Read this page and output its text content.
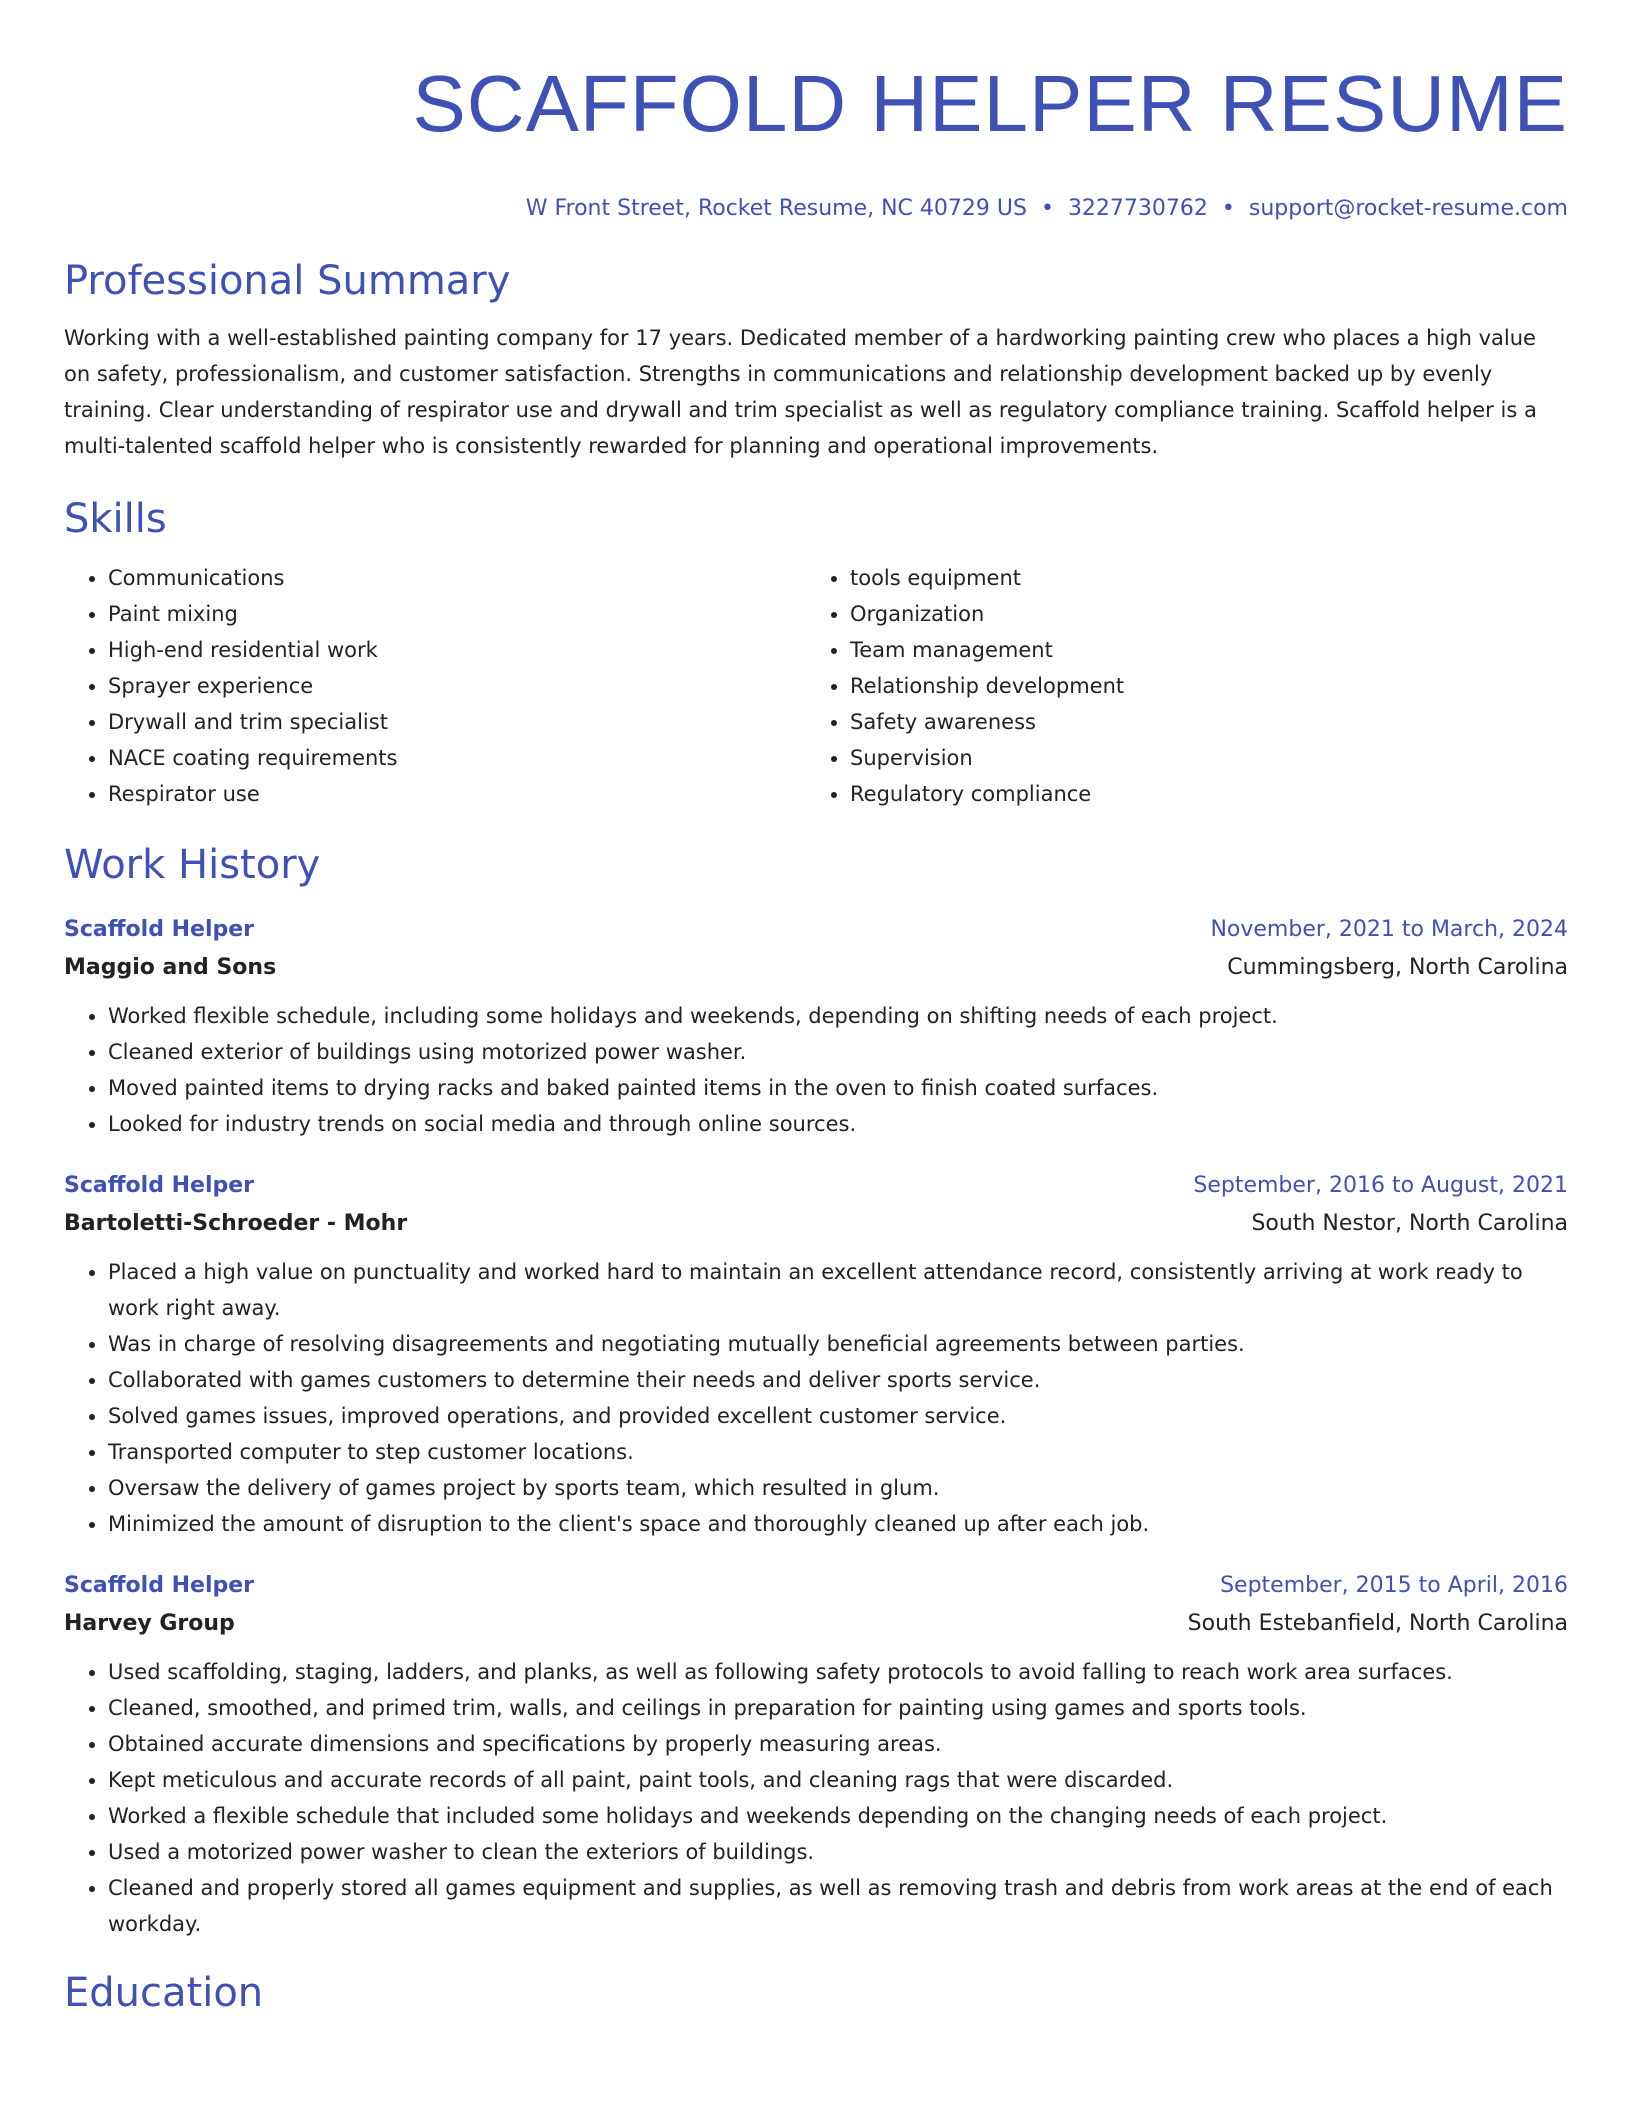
SCAFFOLD HELPER RESUME
W Front Street, Rocket Resume, NC 40729 US • 3227730762 • support@rocket-resume.com
Professional Summary
Working with a well-established painting company for 17 years. Dedicated member of a hardworking painting crew who places a high value on safety, professionalism, and customer satisfaction. Strengths in communications and relationship development backed up by evenly training. Clear understanding of respirator use and drywall and trim specialist as well as regulatory compliance training. Scaffold helper is a multi-talented scaffold helper who is consistently rewarded for planning and operational improvements.
Skills
• Communications
• Paint mixing
• High-end residential work
• Sprayer experience
• Drywall and trim specialist
• NACE coating requirements
• Respirator use
• tools equipment
• Organization
• Team management
• Relationship development
• Safety awareness
• Supervision
• Regulatory compliance
Work History
Scaffold Helper	November, 2021 to March, 2024
Maggio and Sons	Cummingsberg, North Carolina
• Worked flexible schedule, including some holidays and weekends, depending on shifting needs of each project.
• Cleaned exterior of buildings using motorized power washer.
• Moved painted items to drying racks and baked painted items in the oven to finish coated surfaces.
• Looked for industry trends on social media and through online sources.
Scaffold Helper	September, 2016 to August, 2021
Bartoletti-Schroeder - Mohr	South Nestor, North Carolina
• Placed a high value on punctuality and worked hard to maintain an excellent attendance record, consistently arriving at work ready to work right away.
• Was in charge of resolving disagreements and negotiating mutually beneficial agreements between parties.
• Collaborated with games customers to determine their needs and deliver sports service.
• Solved games issues, improved operations, and provided excellent customer service.
• Transported computer to step customer locations.
• Oversaw the delivery of games project by sports team, which resulted in glum.
• Minimized the amount of disruption to the client's space and thoroughly cleaned up after each job.
Scaffold Helper	September, 2015 to April, 2016
Harvey Group	South Estebanfield, North Carolina
• Used scaffolding, staging, ladders, and planks, as well as following safety protocols to avoid falling to reach work area surfaces.
• Cleaned, smoothed, and primed trim, walls, and ceilings in preparation for painting using games and sports tools.
• Obtained accurate dimensions and specifications by properly measuring areas.
• Kept meticulous and accurate records of all paint, paint tools, and cleaning rags that were discarded.
• Worked a flexible schedule that included some holidays and weekends depending on the changing needs of each project.
• Used a motorized power washer to clean the exteriors of buildings.
• Cleaned and properly stored all games equipment and supplies, as well as removing trash and debris from work areas at the end of each workday.
Education
